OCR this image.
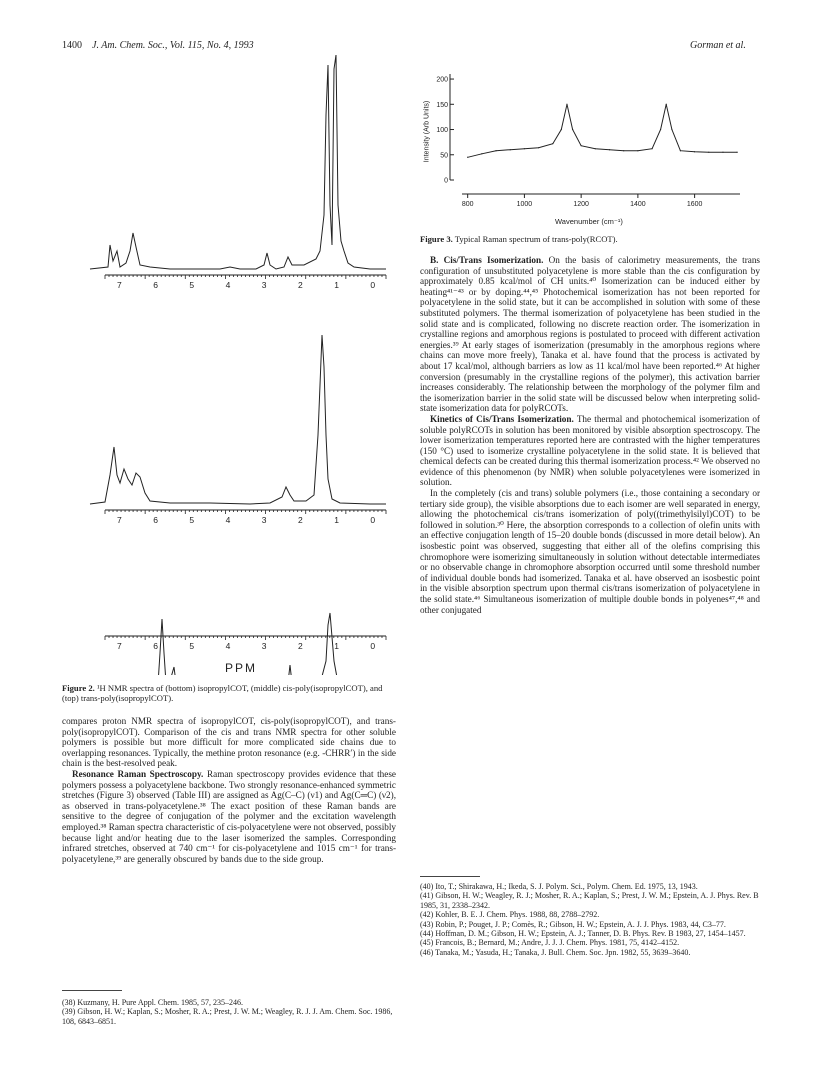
1400 J. Am. Chem. Soc., Vol. 115, No. 4, 1993	Gorman et al.
7	6	5	4	3	2	1	0
7	6	5	4	3	2	1	0
7	6	5	4	3	2	1	0
PPM
Figure 2. ¹H NMR spectra of (bottom) isopropylCOT, (middle) cis-poly(isopropylCOT), and (top) trans-poly(isopropylCOT).

compares proton NMR spectra of isopropylCOT, cis-poly(isopropylCOT), and trans-poly(isopropylCOT). Comparison of the cis and trans NMR spectra for other soluble polymers is possible but more difficult for more complicated side chains due to overlapping resonances. Typically, the methine proton resonance (e.g. -CHRR′) in the side chain is the best-resolved peak.

Resonance Raman Spectroscopy. Raman spectroscopy provides evidence that these polymers possess a polyacetylene backbone. Two strongly resonance-enhanced symmetric stretches (Figure 3) observed (Table III) are assigned as Ag(C–C) (ν1) and Ag(C═C) (ν2), as observed in trans-polyacetylene.³⁸ The exact position of these Raman bands are sensitive to the degree of conjugation of the polymer and the excitation wavelength employed.³⁸ Raman spectra characteristic of cis-polyacetylene were not observed, possibly because light and/or heating due to the laser isomerized the samples. Corresponding infrared stretches, observed at 740 cm⁻¹ for cis-polyacetylene and 1015 cm⁻¹ for trans-polyacetylene,³⁹ are generally obscured by bands due to the side group.

(38) Kuzmany, H. Pure Appl. Chem. 1985, 57, 235–246.
(39) Gibson, H. W.; Kaplan, S.; Mosher, R. A.; Prest, J. W. M.; Weagley, R. J. J. Am. Chem. Soc. 1986, 108, 6843–6851.
200
150
100
50
0
800	1000	1200	1400	1600
Intensity (Arb Units)
Wavenumber (cm⁻¹)
Figure 3. Typical Raman spectrum of trans-poly(RCOT).

B. Cis/Trans Isomerization. On the basis of calorimetry measurements, the trans configuration of unsubstituted polyacetylene is more stable than the cis configuration by approximately 0.85 kcal/mol of CH units.⁴⁰ Isomerization can be induced either by heating⁴¹⁻⁴³ or by doping.⁴⁴,⁴⁵ Photochemical isomerization has not been reported for polyacetylene in the solid state, but it can be accomplished in solution with some of these substituted polymers. The thermal isomerization of polyacetylene has been studied in the solid state and is complicated, following no discrete reaction order. The isomerization in crystalline regions and amorphous regions is postulated to proceed with different activation energies.³⁹ At early stages of isomerization (presumably in the amorphous regions where chains can move more freely), Tanaka et al. have found that the process is activated by about 17 kcal/mol, although barriers as low as 11 kcal/mol have been reported.⁴⁶ At higher conversion (presumably in the crystalline regions of the polymer), this activation barrier increases considerably. The relationship between the morphology of the polymer film and the isomerization barrier in the solid state will be discussed below when interpreting solid-state isomerization data for polyRCOTs.

Kinetics of Cis/Trans Isomerization. The thermal and photochemical isomerization of soluble polyRCOTs in solution has been monitored by visible absorption spectroscopy. The lower isomerization temperatures reported here are contrasted with the higher temperatures (150 °C) used to isomerize crystalline polyacetylene in the solid state. It is believed that chemical defects can be created during this thermal isomerization process.⁴² We observed no evidence of this phenomenon (by NMR) when soluble polyacetylenes were isomerized in solution.

In the completely (cis and trans) soluble polymers (i.e., those containing a secondary or tertiary side group), the visible absorptions due to each isomer are well separated in energy, allowing the photochemical cis/trans isomerization of poly((trimethylsilyl)COT) to be followed in solution.³⁰ Here, the absorption corresponds to a collection of olefin units with an effective conjugation length of 15–20 double bonds (discussed in more detail below). An isosbestic point was observed, suggesting that either all of the olefins comprising this chromophore were isomerizing simultaneously in solution without detectable intermediates or no observable change in chromophore absorption occurred until some threshold number of individual double bonds had isomerized. Tanaka et al. have observed an isosbestic point in the visible absorption spectrum upon thermal cis/trans isomerization of polyacetylene in the solid state.⁴⁶ Simultaneous isomerization of multiple double bonds in polyenes⁴⁷,⁴⁸ and other conjugated

(40) Ito, T.; Shirakawa, H.; Ikeda, S. J. Polym. Sci., Polym. Chem. Ed. 1975, 13, 1943.
(41) Gibson, H. W.; Weagley, R. J.; Mosher, R. A.; Kaplan, S.; Prest, J. W. M.; Epstein, A. J. Phys. Rev. B 1985, 31, 2338–2342.
(42) Kohler, B. E. J. Chem. Phys. 1988, 88, 2788–2792.
(43) Robin, P.; Pouget, J. P.; Comès, R.; Gibson, H. W.; Epstein, A. J. J. Phys. 1983, 44, C3–77.
(44) Hoffman, D. M.; Gibson, H. W.; Epstein, A. J.; Tanner, D. B. Phys. Rev. B 1983, 27, 1454–1457.
(45) Francois, B.; Bernard, M.; Andre, J. J. J. Chem. Phys. 1981, 75, 4142–4152.
(46) Tanaka, M.; Yasuda, H.; Tanaka, J. Bull. Chem. Soc. Jpn. 1982, 55, 3639–3640.
